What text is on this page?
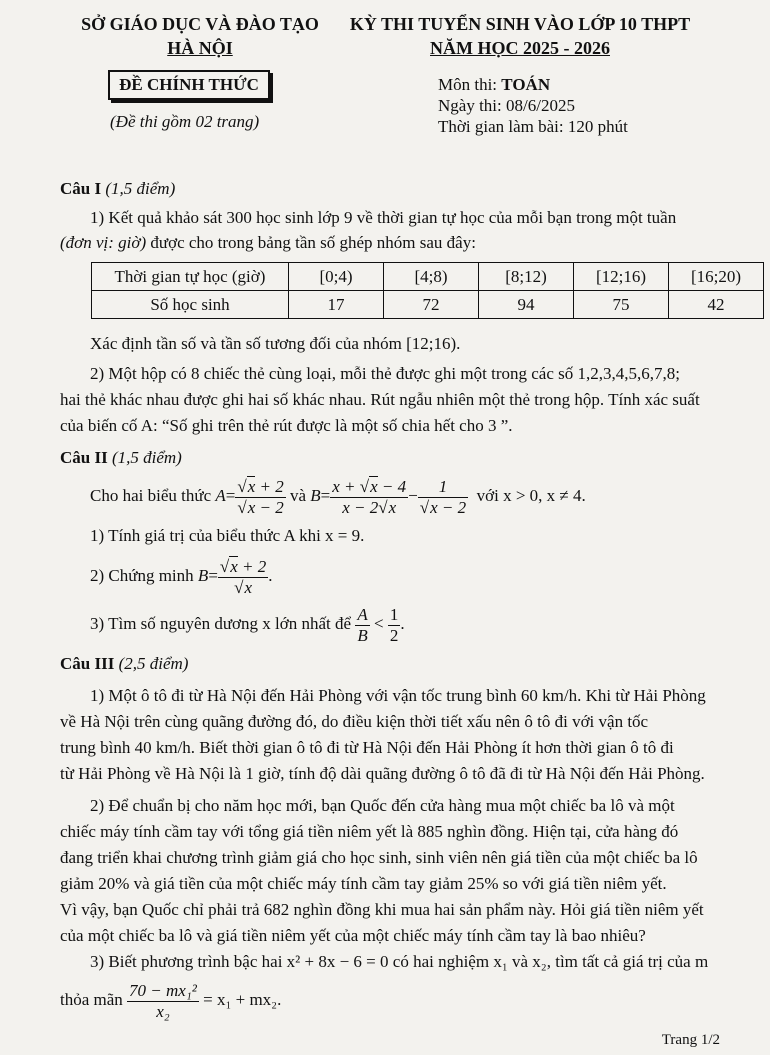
SỞ GIÁO DỤC VÀ ĐÀO TẠO
HÀ NỘI
KỲ THI TUYỂN SINH VÀO LỚP 10 THPT
NĂM HỌC 2025 - 2026
ĐỀ CHÍNH THỨC
(Đề thi gồm 02 trang)
Môn thi: TOÁN
Ngày thi: 08/6/2025
Thời gian làm bài: 120 phút
Câu I (1,5 điểm)
1) Kết quả khảo sát 300 học sinh lớp 9 về thời gian tự học của mỗi bạn trong một tuần
(đơn vị: giờ) được cho trong bảng tần số ghép nhóm sau đây:
Thời gian tự học (giờ)	[0;4)	[4;8)	[8;12)	[12;16)	[16;20)
Số học sinh	17	72	94	75	42
Xác định tần số và tần số tương đối của nhóm [12;16).
2) Một hộp có 8 chiếc thẻ cùng loại, mỗi thẻ được ghi một trong các số 1,2,3,4,5,6,7,8;
hai thẻ khác nhau được ghi hai số khác nhau. Rút ngẫu nhiên một thẻ trong hộp. Tính xác suất
của biến cố A: “Số ghi trên thẻ rút được là một số chia hết cho 3 ”.
Câu II (1,5 điểm)
Cho hai biểu thức A= √ x + 2
√ x − 2 và $B= \frac{x + √ x - 4}{x - 2 √ x} - 1$
√ x − 2 với x > 0, x ≠ 4.
1) Tính giá trị của biểu thức A khi x = 9.
2) Chứng minh B= √ x + 2
√ x .
3) Tìm số nguyên dương x lớn nhất để $\frac{A}{B} < \frac{1}{2}$ .
Câu III (2,5 điểm)
1) Một ô tô đi từ Hà Nội đến Hải Phòng với vận tốc trung bình 60 km/h. Khi từ Hải Phòng
về Hà Nội trên cùng quãng đường đó, do điều kiện thời tiết xấu nên ô tô đi với vận tốc
trung bình 40 km/h. Biết thời gian ô tô đi từ Hà Nội đến Hải Phòng ít hơn thời gian ô tô đi
từ Hải Phòng về Hà Nội là 1 giờ, tính độ dài quãng đường ô tô đã đi từ Hà Nội đến Hải Phòng.
2) Để chuẩn bị cho năm học mới, bạn Quốc đến cửa hàng mua một chiếc ba lô và một
chiếc máy tính cầm tay với tổng giá tiền niêm yết là 885 nghìn đồng. Hiện tại, cửa hàng đó
đang triển khai chương trình giảm giá cho học sinh, sinh viên nên giá tiền của một chiếc ba lô
giảm 20% và giá tiền của một chiếc máy tính cầm tay giảm 25% so với giá tiền niêm yết.
Vì vậy, bạn Quốc chỉ phải trả 682 nghìn đồng khi mua hai sản phẩm này. Hỏi giá tiền niêm yết
của một chiếc ba lô và giá tiền niêm yết của một chiếc máy tính cầm tay là bao nhiêu?
3) Biết phương trình bậc hai x² + 8x − 6 = 0 có hai nghiệm x₁ và x₂, tìm tất cả giá trị của m
thỏa mãn $\frac{\text{70 − mx₁²}}{\text{x₂}} = x_1 + mx_2$.
Trang 1/2
